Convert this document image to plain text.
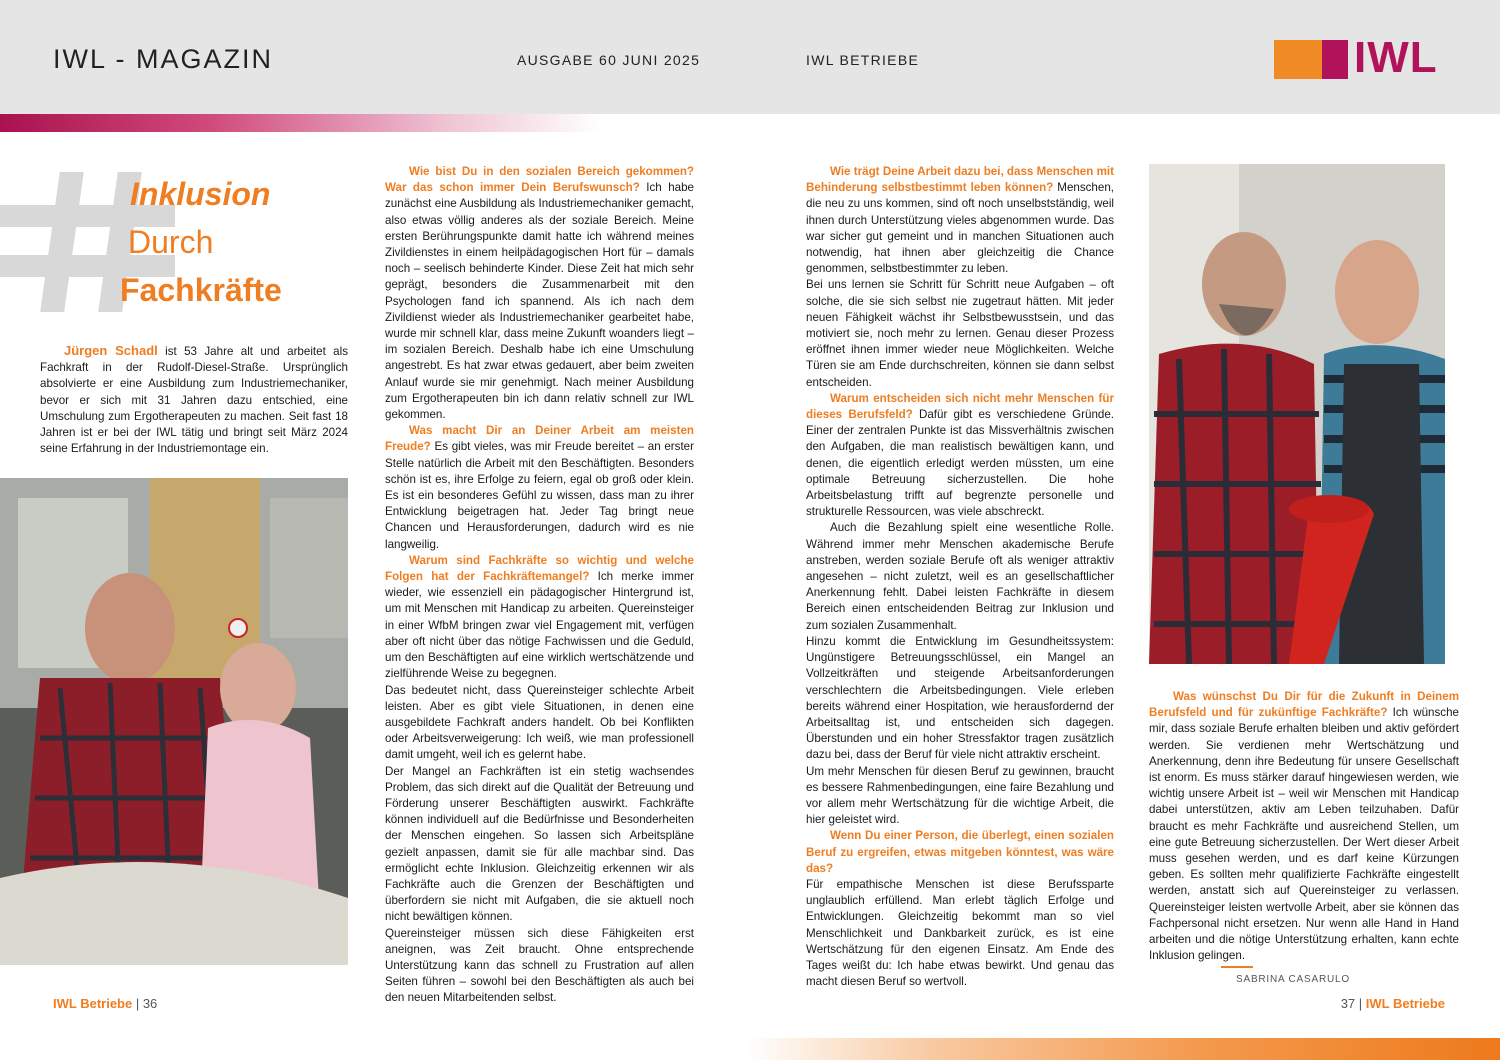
IWL - MAGAZIN	AUSGABE 60 JUNI 2025	IWL BETRIEBE	IWL
Inklusion
Durch
Fachkräfte

Jürgen Schadl ist 53 Jahre alt und arbeitet als Fachkraft in der Rudolf-Diesel-Straße. Ursprünglich absolvierte er eine Ausbildung zum Industriemechaniker, bevor er sich mit 31 Jahren dazu entschied, eine Umschulung zum Ergotherapeuten zu machen. Seit fast 18 Jahren ist er bei der IWL tätig und bringt seit März 2024 seine Erfahrung in der Industriemontage ein.

Wie bist Du in den sozialen Bereich gekommen? War das schon immer Dein Berufswunsch? Ich habe zunächst eine Ausbildung als Industriemechaniker gemacht, also etwas völlig anderes als der soziale Bereich. Meine ersten Berührungspunkte damit hatte ich während meines Zivildienstes in einem heilpädagogischen Hort für – damals noch – seelisch behinderte Kinder. Diese Zeit hat mich sehr geprägt, besonders die Zusammenarbeit mit den Psychologen fand ich spannend. Als ich nach dem Zivildienst wieder als Industriemechaniker gearbeitet habe, wurde mir schnell klar, dass meine Zukunft woanders liegt – im sozialen Bereich. Deshalb habe ich eine Umschulung angestrebt. Es hat zwar etwas gedauert, aber beim zweiten Anlauf wurde sie mir genehmigt. Nach meiner Ausbildung zum Ergotherapeuten bin ich dann relativ schnell zur IWL gekommen.

Was macht Dir an Deiner Arbeit am meisten Freude? Es gibt vieles, was mir Freude bereitet – an erster Stelle natürlich die Arbeit mit den Beschäftigten. Besonders schön ist es, ihre Erfolge zu feiern, egal ob groß oder klein. Es ist ein besonderes Gefühl zu wissen, dass man zu ihrer Entwicklung beigetragen hat. Jeder Tag bringt neue Chancen und Herausforderungen, dadurch wird es nie langweilig.

Warum sind Fachkräfte so wichtig und welche Folgen hat der Fachkräftemangel? Ich merke immer wieder, wie essenziell ein pädagogischer Hintergrund ist, um mit Menschen mit Handicap zu arbeiten. Quereinsteiger in einer WfbM bringen zwar viel Engagement mit, verfügen aber oft nicht über das nötige Fachwissen und die Geduld, um den Beschäftigten auf eine wirklich wertschätzende und zielführende Weise zu begegnen.

Das bedeutet nicht, dass Quereinsteiger schlechte Arbeit leisten. Aber es gibt viele Situationen, in denen eine ausgebildete Fachkraft anders handelt. Ob bei Konflikten oder Arbeitsverweigerung: Ich weiß, wie man professionell damit umgeht, weil ich es gelernt habe.

Der Mangel an Fachkräften ist ein stetig wachsendes Problem, das sich direkt auf die Qualität der Betreuung und Förderung unserer Beschäftigten auswirkt. Fachkräfte können individuell auf die Bedürfnisse und Besonderheiten der Menschen eingehen. So lassen sich Arbeitspläne gezielt anpassen, damit sie für alle machbar sind. Das ermöglicht echte Inklusion. Gleichzeitig erkennen wir als Fachkräfte auch die Grenzen der Beschäftigten und überfordern sie nicht mit Aufgaben, die sie aktuell noch nicht bewältigen können.

Quereinsteiger müssen sich diese Fähigkeiten erst aneignen, was Zeit braucht. Ohne entsprechende Unterstützung kann das schnell zu Frustration auf allen Seiten führen – sowohl bei den Beschäftigten als auch bei den neuen Mitarbeitenden selbst.

Wie trägt Deine Arbeit dazu bei, dass Menschen mit Behinderung selbstbestimmt leben können? Menschen, die neu zu uns kommen, sind oft noch unselbstständig, weil ihnen durch Unterstützung vieles abgenommen wurde. Das war sicher gut gemeint und in manchen Situationen auch notwendig, hat ihnen aber gleichzeitig die Chance genommen, selbstbestimmter zu leben.

Bei uns lernen sie Schritt für Schritt neue Aufgaben – oft solche, die sie sich selbst nie zugetraut hätten. Mit jeder neuen Fähigkeit wächst ihr Selbstbewusstsein, und das motiviert sie, noch mehr zu lernen. Genau dieser Prozess eröffnet ihnen immer wieder neue Möglichkeiten. Welche Türen sie am Ende durchschreiten, können sie dann selbst entscheiden.

Warum entscheiden sich nicht mehr Menschen für dieses Berufsfeld? Dafür gibt es verschiedene Gründe. Einer der zentralen Punkte ist das Missverhältnis zwischen den Aufgaben, die man realistisch bewältigen kann, und denen, die eigentlich erledigt werden müssten, um eine optimale Betreuung sicherzustellen. Die hohe Arbeitsbelastung trifft auf begrenzte personelle und strukturelle Ressourcen, was viele abschreckt.

Auch die Bezahlung spielt eine wesentliche Rolle. Während immer mehr Menschen akademische Berufe anstreben, werden soziale Berufe oft als weniger attraktiv angesehen – nicht zuletzt, weil es an gesellschaftlicher Anerkennung fehlt. Dabei leisten Fachkräfte in diesem Bereich einen entscheidenden Beitrag zur Inklusion und zum sozialen Zusammenhalt.

Hinzu kommt die Entwicklung im Gesundheitssystem: Ungünstigere Betreuungsschlüssel, ein Mangel an Vollzeitkräften und steigende Arbeitsanforderungen verschlechtern die Arbeitsbedingungen. Viele erleben bereits während einer Hospitation, wie herausfordernd der Arbeitsalltag ist, und entscheiden sich dagegen. Überstunden und ein hoher Stressfaktor tragen zusätzlich dazu bei, dass der Beruf für viele nicht attraktiv erscheint.

Um mehr Menschen für diesen Beruf zu gewinnen, braucht es bessere Rahmenbedingungen, eine faire Bezahlung und vor allem mehr Wertschätzung für die wichtige Arbeit, die hier geleistet wird.

Wenn Du einer Person, die überlegt, einen sozialen Beruf zu ergreifen, etwas mitgeben könntest, was wäre das?

Für empathische Menschen ist diese Berufssparte unglaublich erfüllend. Man erlebt täglich Erfolge und Entwicklungen. Gleichzeitig bekommt man so viel Menschlichkeit und Dankbarkeit zurück, es ist eine Wertschätzung für den eigenen Einsatz. Am Ende des Tages weißt du: Ich habe etwas bewirkt. Und genau das macht diesen Beruf so wertvoll.

Was wünschst Du Dir für die Zukunft in Deinem Berufsfeld und für zukünftige Fachkräfte? Ich wünsche mir, dass soziale Berufe erhalten bleiben und aktiv gefördert werden. Sie verdienen mehr Wertschätzung und Anerkennung, denn ihre Bedeutung für unsere Gesellschaft ist enorm. Es muss stärker darauf hingewiesen werden, wie wichtig unsere Arbeit ist – weil wir Menschen mit Handicap dabei unterstützen, aktiv am Leben teilzuhaben. Dafür braucht es mehr Fachkräfte und ausreichend Stellen, um eine gute Betreuung sicherzustellen. Der Wert dieser Arbeit muss gesehen werden, und es darf keine Kürzungen geben. Es sollten mehr qualifizierte Fachkräfte eingestellt werden, anstatt sich auf Quereinsteiger zu verlassen. Quereinsteiger leisten wertvolle Arbeit, aber sie können das Fachpersonal nicht ersetzen. Nur wenn alle Hand in Hand arbeiten und die nötige Unterstützung erhalten, kann echte Inklusion gelingen.

SABRINA CASARULO
IWL Betriebe | 36	37 | IWL Betriebe
